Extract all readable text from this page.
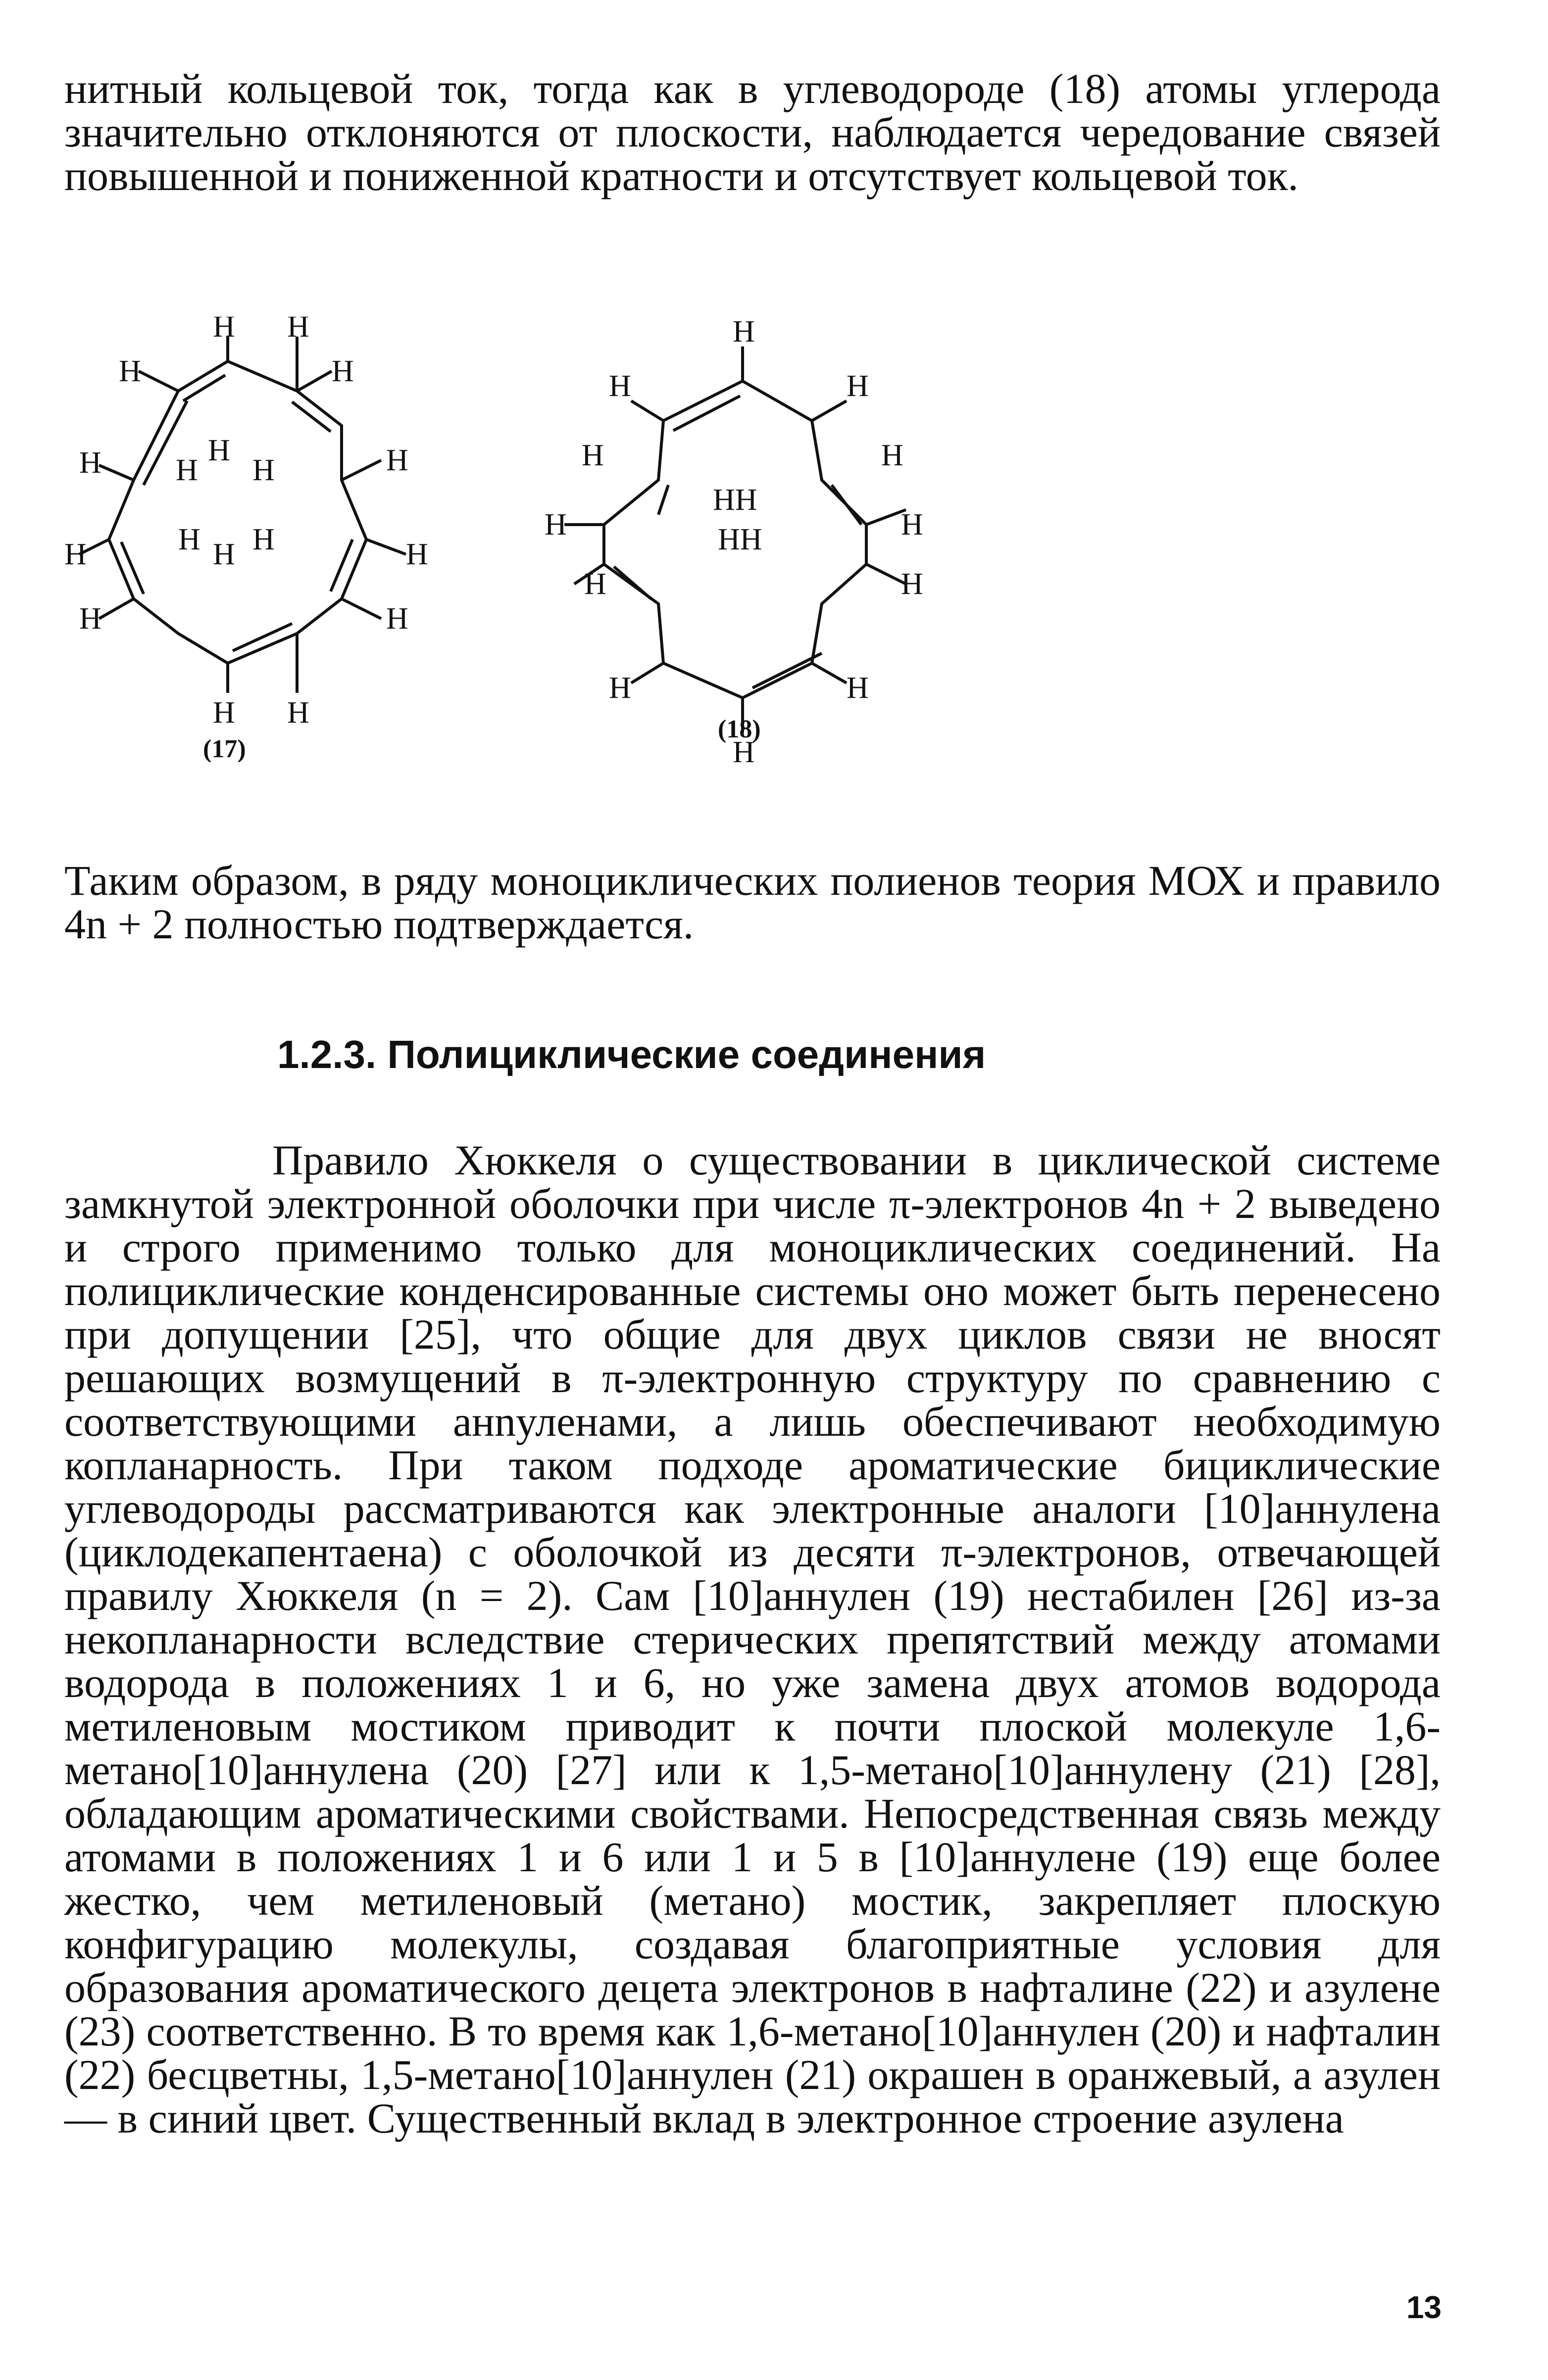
нитный кольцевой ток, тогда как в углеводороде (18) атомы углерода значительно отклоняются от плоскости, наблюдается чередование связей повышенной и пониженной кратности и отсутствует кольцевой ток.

H H
H	H
H	H
H
H
H
H H H
H	H
H	H
H H
(17)
H
H	H
H	H
H	H
HH
HH
H	H
H	H
H
(18)

Таким образом, в ряду моноциклических полиенов теория МОХ и правило 4n + 2 полностью подтверждается.

1.2.3. Полициклические соединения

Правило Хюккеля о существовании в циклической системе замкнутой электронной оболочки при числе π-электронов 4n + 2 выведено и строго применимо только для моноциклических соединений. На полициклические конденсированные системы оно может быть перенесено при допущении [25], что общие для двух циклов связи не вносят решающих возмущений в π-электронную структуру по сравнению с соответствующими анnуленами, а лишь обеспечивают необходимую копланарность. При таком подходе ароматические бициклические углеводороды рассматриваются как электронные аналоги [10]аннулена (циклодекапентаена) с оболочкой из десяти π-электронов, отвечающей правилу Хюккеля (n = 2). Сам [10]аннулен (19) нестабилен [26] из-за некопланарности вследствие стерических препятствий между атомами водорода в положениях 1 и 6, но уже замена двух атомов водорода метиленовым мостиком приводит к почти плоской молекуле 1,6-метано[10]аннулена (20) [27] или к 1,5-метано[10]аннулену (21) [28], обладающим ароматическими свойствами. Непосредственная связь между атомами в положениях 1 и 6 или 1 и 5 в [10]аннулене (19) еще более жестко, чем метиленовый (метано) мостик, закрепляет плоскую конфигурацию молекулы, создавая благоприятные условия для образования ароматического децета электронов в нафталине (22) и азулене (23) соответственно. В то время как 1,6-метано[10]аннулен (20) и нафталин (22) бесцветны, 1,5-метано[10]аннулен (21) окрашен в оранжевый, а азулен — в синий цвет. Существенный вклад в электронное строение азулена

13
